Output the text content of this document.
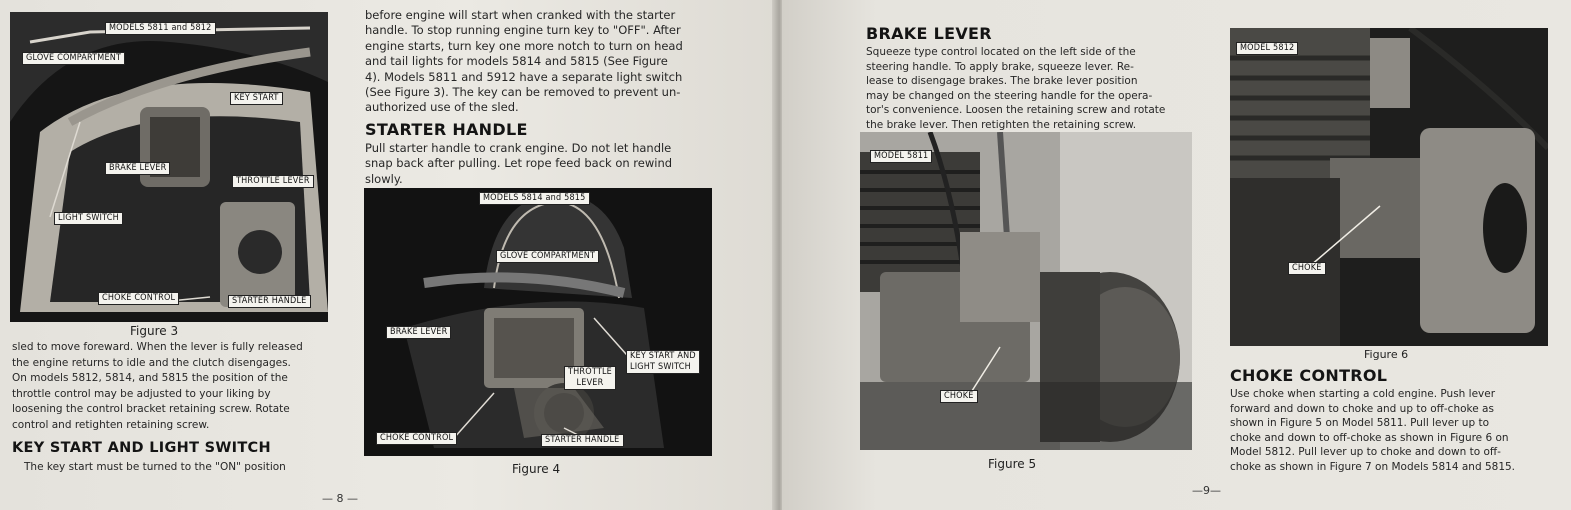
MODELS 5811 and 5812
GLOVE COMPARTMENT
KEY START
BRAKE LEVER
THROTTLE LEVER
LIGHT SWITCH
CHOKE CONTROL	STARTER HANDLE
Figure 3
sled to move foreward. When the lever is fully released
the engine returns to idle and the clutch disengages.
On models 5812, 5814, and 5815 the position of the
throttle control may be adjusted to your liking by
loosening the control bracket retaining screw. Rotate
control and retighten retaining screw.
KEY START AND LIGHT SWITCH
The key start must be turned to the "ON" position
before engine will start when cranked with the starter
handle. To stop running engine turn key to "OFF". After
engine starts, turn key one more notch to turn on head
and tail lights for models 5814 and 5815 (See Figure
4). Models 5811 and 5912 have a separate light switch
(See Figure 3). The key can be removed to prevent un-
authorized use of the sled.
STARTER HANDLE
Pull starter handle to crank engine. Do not let handle
snap back after pulling. Let rope feed back on rewind
slowly.
MODELS 5814 and 5815
GLOVE COMPARTMENT
BRAKE LEVER
KEY START AND
LIGHT SWITCH
THROTTLE
LEVER
CHOKE CONTROL	STARTER HANDLE
Figure 4
— 8 —
BRAKE LEVER
Squeeze type control located on the left side of the
steering handle. To apply brake, squeeze lever. Re-
lease to disengage brakes. The brake lever position
may be changed on the steering handle for the opera-
tor's convenience. Loosen the retaining screw and rotate
the brake lever. Then retighten the retaining screw.
MODEL 5811
CHOKE
Figure 5
MODEL 5812
CHOKE
Figure 6
CHOKE CONTROL
Use choke when starting a cold engine. Push lever
forward and down to choke and up to off-choke as
shown in Figure 5 on Model 5811. Pull lever up to
choke and down to off-choke as shown in Figure 6 on
Model 5812. Pull lever up to choke and down to off-
choke as shown in Figure 7 on Models 5814 and 5815.
—9—
